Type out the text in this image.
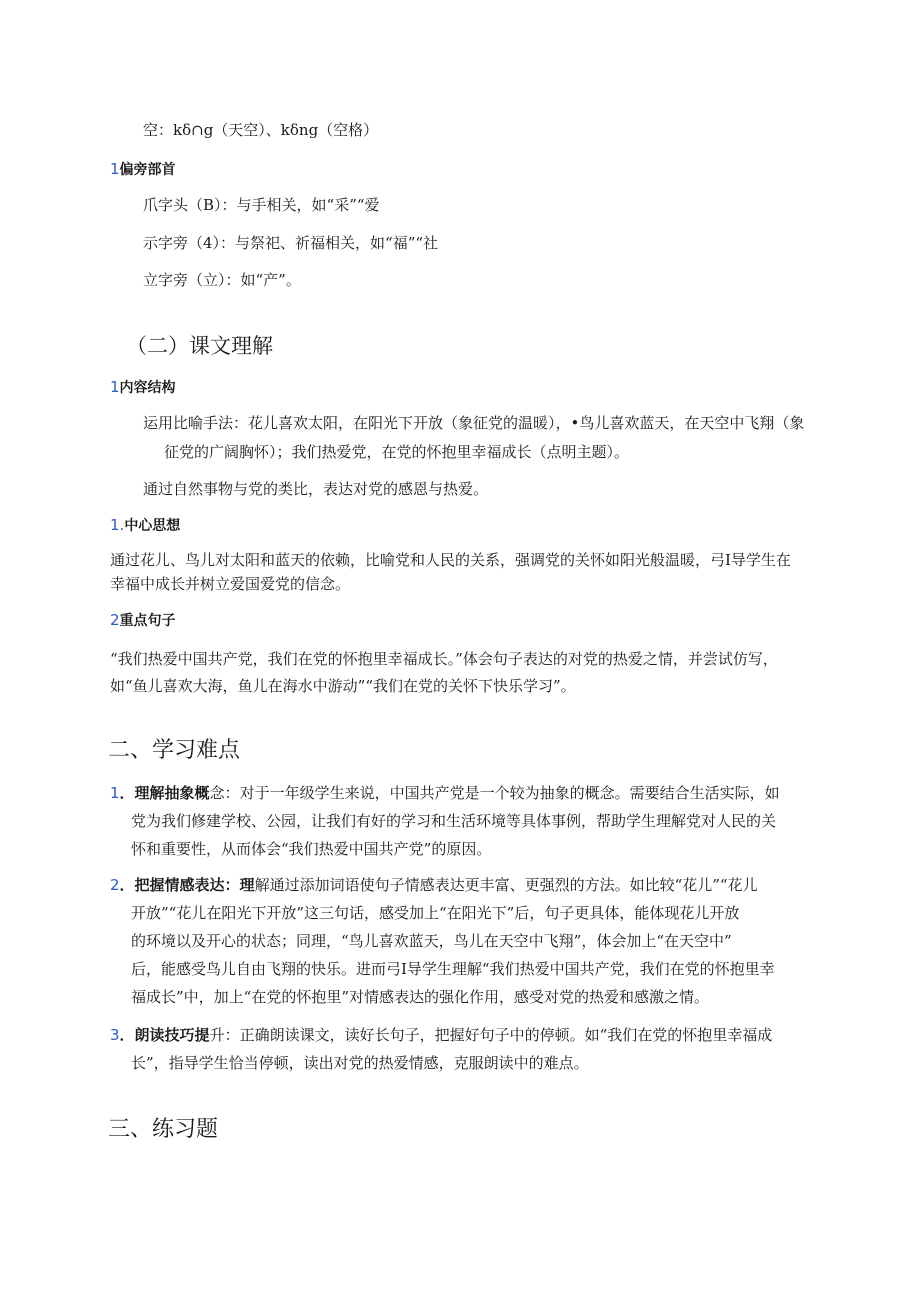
空：kδ∩g（天空）、kδng（空格）
1偏旁部首
爪字头（B）：与手相关，如“采”“爱
示字旁（4）：与祭祀、祈福相关，如“福”“社
立字旁（立）：如“产”。
（二）课文理解
1内容结构
运用比喻手法：花儿喜欢太阳，在阳光下开放（象征党的温暖），•鸟儿喜欢蓝天，在天空中飞翔（象
征党的广阔胸怀）；我们热爱党，在党的怀抱里幸福成长（点明主题）。
通过自然事物与党的类比，表达对党的感恩与热爱。
1.中心思想
通过花儿、鸟儿对太阳和蓝天的依赖，比喻党和人民的关系，强调党的关怀如阳光般温暖，弓I导学生在
幸福中成长并树立爱国爱党的信念。
2重点句子
“我们热爱中国共产党，我们在党的怀抱里幸福成长。”体会句子表达的对党的热爱之情，并尝试仿写，
如“鱼儿喜欢大海，鱼儿在海水中游动”“我们在党的关怀下快乐学习”。
二、学习难点
1．理解抽象概念：对于一年级学生来说，中国共产党是一个较为抽象的概念。需要结合生活实际，如
党为我们修建学校、公园，让我们有好的学习和生活环境等具体事例，帮助学生理解党对人民的关
怀和重要性，从而体会“我们热爱中国共产党”的原因。
2．把握情感表达：理解通过添加词语使句子情感表达更丰富、更强烈的方法。如比较“花儿”“花儿
开放”“花儿在阳光下开放”这三句话，感受加上“在阳光下”后，句子更具体，能体现花儿开放
的环境以及开心的状态；同理，“鸟儿喜欢蓝天，鸟儿在天空中飞翔”，体会加上“在天空中”
后，能感受鸟儿自由飞翔的快乐。进而弓I导学生理解“我们热爱中国共产党，我们在党的怀抱里幸
福成长”中，加上“在党的怀抱里”对情感表达的强化作用，感受对党的热爱和感激之情。
3．朗读技巧提升：正确朗读课文，读好长句子，把握好句子中的停顿。如“我们在党的怀抱里幸福成
长”，指导学生恰当停顿，读出对党的热爱情感，克服朗读中的难点。
三、练习题
